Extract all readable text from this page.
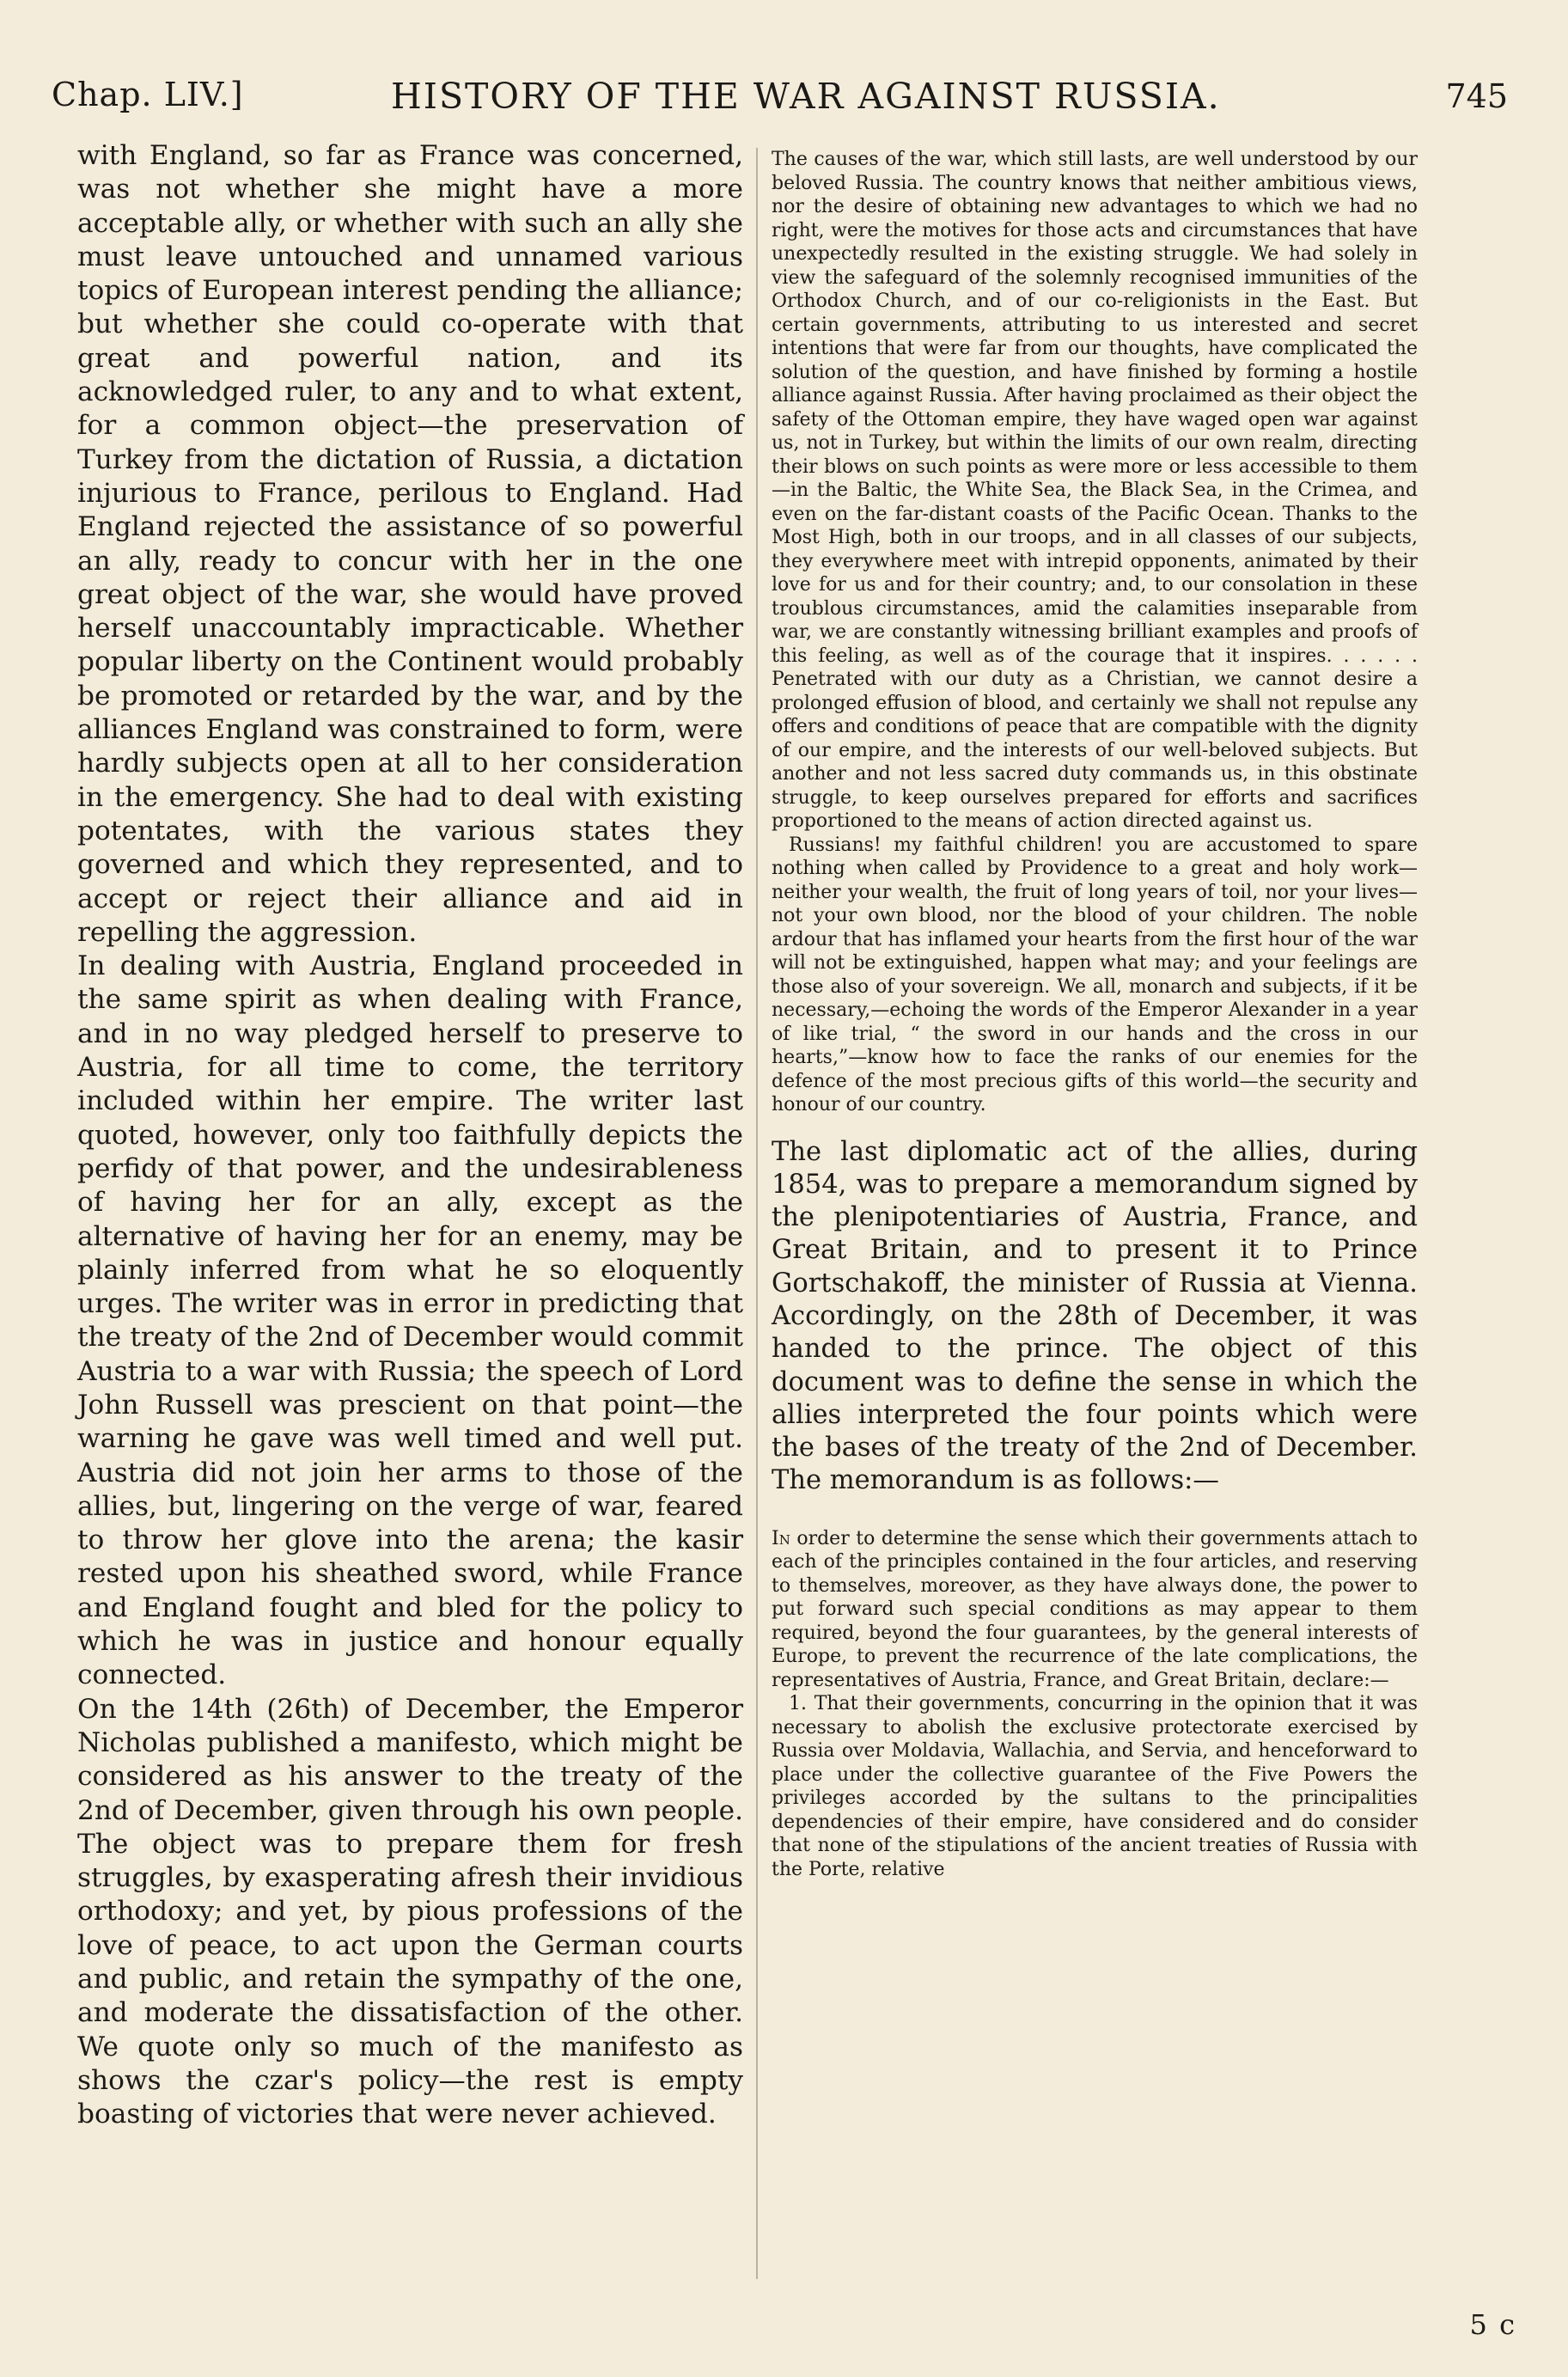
Chap. LIV.]	HISTORY OF THE WAR AGAINST RUSSIA.	745

with England, so far as France was concerned, was not whether she might have a more acceptable ally, or whether with such an ally she must leave untouched and unnamed various topics of European interest pending the alliance; but whether she could co-operate with that great and powerful nation, and its acknowledged ruler, to any and to what extent, for a common object—the preservation of Turkey from the dictation of Russia, a dictation injurious to France, perilous to England. Had England rejected the assistance of so powerful an ally, ready to concur with her in the one great object of the war, she would have proved herself unaccountably impracticable. Whether popular liberty on the Continent would probably be promoted or retarded by the war, and by the alliances England was constrained to form, were hardly subjects open at all to her consideration in the emergency. She had to deal with existing potentates, with the various states they governed and which they represented, and to accept or reject their alliance and aid in repelling the aggression.

In dealing with Austria, England proceeded in the same spirit as when dealing with France, and in no way pledged herself to preserve to Austria, for all time to come, the territory included within her empire. The writer last quoted, however, only too faithfully depicts the perfidy of that power, and the undesirableness of having her for an ally, except as the alternative of having her for an enemy, may be plainly inferred from what he so eloquently urges. The writer was in error in predicting that the treaty of the 2nd of December would commit Austria to a war with Russia; the speech of Lord John Russell was prescient on that point—the warning he gave was well timed and well put. Austria did not join her arms to those of the allies, but, lingering on the verge of war, feared to throw her glove into the arena; the kasir rested upon his sheathed sword, while France and England fought and bled for the policy to which he was in justice and honour equally connected.

On the 14th (26th) of December, the Emperor Nicholas published a manifesto, which might be considered as his answer to the treaty of the 2nd of December, given through his own people. The object was to prepare them for fresh struggles, by exasperating afresh their invidious orthodoxy; and yet, by pious professions of the love of peace, to act upon the German courts and public, and retain the sympathy of the one, and moderate the dissatisfaction of the other. We quote only so much of the manifesto as shows the czar's policy—the rest is empty boasting of victories that were never achieved.

The causes of the war, which still lasts, are well understood by our beloved Russia. The country knows that neither ambitious views, nor the desire of obtaining new advantages to which we had no right, were the motives for those acts and circumstances that have unexpectedly resulted in the existing struggle. We had solely in view the safeguard of the solemnly recognised immunities of the Orthodox Church, and of our co-religionists in the East. But certain governments, attributing to us interested and secret intentions that were far from our thoughts, have complicated the solution of the question, and have finished by forming a hostile alliance against Russia. After having proclaimed as their object the safety of the Ottoman empire, they have waged open war against us, not in Turkey, but within the limits of our own realm, directing their blows on such points as were more or less accessible to them—in the Baltic, the White Sea, the Black Sea, in the Crimea, and even on the far-distant coasts of the Pacific Ocean. Thanks to the Most High, both in our troops, and in all classes of our subjects, they everywhere meet with intrepid opponents, animated by their love for us and for their country; and, to our consolation in these troublous circumstances, amid the calamities inseparable from war, we are constantly witnessing brilliant examples and proofs of this feeling, as well as of the courage that it inspires. . . . . . Penetrated with our duty as a Christian, we cannot desire a prolonged effusion of blood, and certainly we shall not repulse any offers and conditions of peace that are compatible with the dignity of our empire, and the interests of our well-beloved subjects. But another and not less sacred duty commands us, in this obstinate struggle, to keep ourselves prepared for efforts and sacrifices proportioned to the means of action directed against us.

Russians! my faithful children! you are accustomed to spare nothing when called by Providence to a great and holy work—neither your wealth, the fruit of long years of toil, nor your lives—not your own blood, nor the blood of your children. The noble ardour that has inflamed your hearts from the first hour of the war will not be extinguished, happen what may; and your feelings are those also of your sovereign. We all, monarch and subjects, if it be necessary,—echoing the words of the Emperor Alexander in a year of like trial, “ the sword in our hands and the cross in our hearts,”—know how to face the ranks of our enemies for the defence of the most precious gifts of this world—the security and honour of our country.

The last diplomatic act of the allies, during 1854, was to prepare a memorandum signed by the plenipotentiaries of Austria, France, and Great Britain, and to present it to Prince Gortschakoff, the minister of Russia at Vienna. Accordingly, on the 28th of December, it was handed to the prince. The object of this document was to define the sense in which the allies interpreted the four points which were the bases of the treaty of the 2nd of December. The memorandum is as follows:—

In order to determine the sense which their governments attach to each of the principles contained in the four articles, and reserving to themselves, moreover, as they have always done, the power to put forward such special conditions as may appear to them required, beyond the four guarantees, by the general interests of Europe, to prevent the recurrence of the late complications, the representatives of Austria, France, and Great Britain, declare:—

1. That their governments, concurring in the opinion that it was necessary to abolish the exclusive protectorate exercised by Russia over Moldavia, Wallachia, and Servia, and henceforward to place under the collective guarantee of the Five Powers the privileges accorded by the sultans to the principalities dependencies of their empire, have considered and do consider that none of the stipulations of the ancient treaties of Russia with the Porte, relative

5 c
